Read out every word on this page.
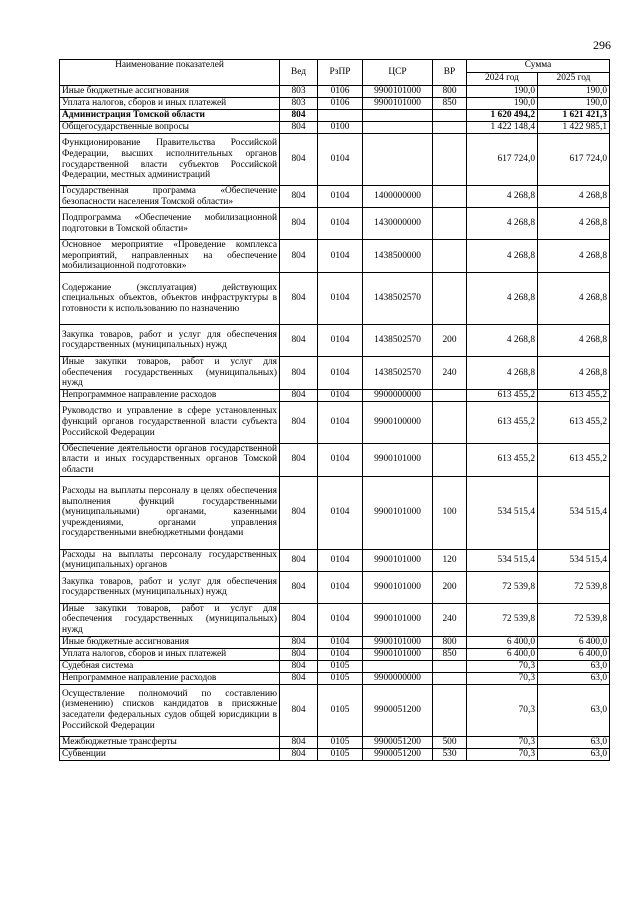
296
Наименование показателей	Вед	РзПР	ЦСР	ВР	Сумма	
					2024 год	2025 год
Иные бюджетные ассигнования	803	0106	9900101000	800	190,0	190,0
Уплата налогов, сборов и иных платежей	803	0106	9900101000	850	190,0	190,0
Администрация Томской области	804				1 620 494,2	1 621 421,3
Общегосударственные вопросы	804	0100			1 422 148,4	1 422 985,1
Функционирование Правительства Российской Федерации, высших исполнительных органов государственной власти субъектов Российской Федерации, местных администраций	804	0104			617 724,0	617 724,0
Государственная программа «Обеспечение безопасности населения Томской области»	804	0104	1400000000		4 268,8	4 268,8
Подпрограмма «Обеспечение мобилизационной подготовки в Томской области»	804	0104	1430000000		4 268,8	4 268,8
Основное мероприятие «Проведение комплекса мероприятий, направленных на обеспечение мобилизационной подготовки»	804	0104	1438500000		4 268,8	4 268,8
Содержание (эксплуатация) действующих специальных объектов, объектов инфраструктуры в готовности к использованию по назначению	804	0104	1438502570		4 268,8	4 268,8
Закупка товаров, работ и услуг для обеспечения государственных (муниципальных) нужд	804	0104	1438502570	200	4 268,8	4 268,8
Иные закупки товаров, работ и услуг для обеспечения государственных (муниципальных) нужд	804	0104	1438502570	240	4 268,8	4 268,8
Непрограммное направление расходов	804	0104	9900000000		613 455,2	613 455,2
Руководство и управление в сфере установленных функций органов государственной власти субъекта Российской Федерации	804	0104	9900100000		613 455,2	613 455,2
Обеспечение деятельности органов государственной власти и иных государственных органов Томской области	804	0104	9900101000		613 455,2	613 455,2
Расходы на выплаты персоналу в целях обеспечения выполнения функций государственными (муниципальными) органами, казенными учреждениями, органами управления государственными внебюджетными фондами	804	0104	9900101000	100	534 515,4	534 515,4
Расходы на выплаты персоналу государственных (муниципальных) органов	804	0104	9900101000	120	534 515,4	534 515,4
Закупка товаров, работ и услуг для обеспечения государственных (муниципальных) нужд	804	0104	9900101000	200	72 539,8	72 539,8
Иные закупки товаров, работ и услуг для обеспечения государственных (муниципальных) нужд	804	0104	9900101000	240	72 539,8	72 539,8
Иные бюджетные ассигнования	804	0104	9900101000	800	6 400,0	6 400,0
Уплата налогов, сборов и иных платежей	804	0104	9900101000	850	6 400,0	6 400,0
Судебная система	804	0105			70,3	63,0
Непрограммное направление расходов	804	0105	9900000000		70,3	63,0
Осуществление полномочий по составлению (изменению) списков кандидатов в присяжные заседатели федеральных судов общей юрисдикции в Российской Федерации	804	0105	9900051200		70,3	63,0
Межбюджетные трансферты	804	0105	9900051200	500	70,3	63,0
Субвенции	804	0105	9900051200	530	70,3	63,0
